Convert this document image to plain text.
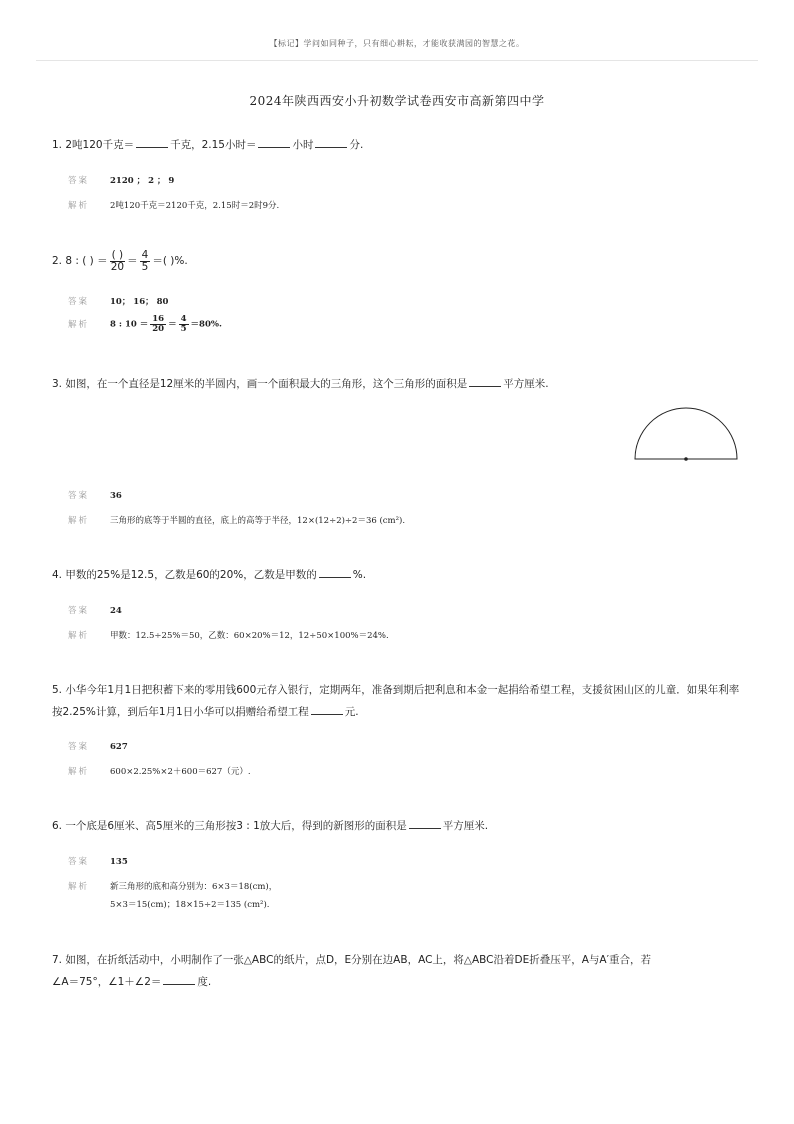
【标记】学问如同种子，只有细心耕耘，才能收获满园的智慧之花。
2024年陕西西安小升初数学试卷西安市高新第四中学
1. 2吨120千克＝	千克，2.15小时＝	小时	分.
答案 2120 ； 2 ； 9
解析 2吨120千克＝2120千克，2.15时＝2时9分.
2. 8 : ( ) ＝ $\frac{( )}{20} = \frac{4}{5}$ ＝( )%.
答案 10； 16； 80
解析 8 : $10 = \frac{16}{20} = \frac{4}{5} =80\%$.
3. 如图，在一个直径是12厘米的半圆内，画一个面积最大的三角形，这个三角形的面积是	平方厘米.
答案 36
解析 三角形的底等于半圆的直径，底上的高等于半径，12×(12÷2)÷2＝36 (cm²).
4. 甲数的25%是12.5，乙数是60的20%，乙数是甲数的	%.
答案 24
解析 甲数：12.5÷25%＝50，乙数：60×20%＝12，12÷50×100%＝24%.
5. 小华今年1月1日把积蓄下来的零用钱600元存入银行，定期两年，准备到期后把利息和本金一起捐给希望工程，支援贫困山区的儿童．如果年利率
按2.25%计算，到后年1月1日小华可以捐赠给希望工程	元.
答案 627
解析 600×2.25%×2＋600＝627（元）.
6. 一个底是6厘米、高5厘米的三角形按3 : 1放大后，得到的新图形的面积是	平方厘米.
答案 135
解析 新三角形的底和高分别为：6×3＝18(cm)，
5×3＝15(cm)；18×15÷2＝135 (cm²).
7. 如图，在折纸活动中，小明制作了一张△ABC的纸片，点D，E分别在边AB，AC上，将△ABC沿着DE折叠压平，A与A′重合，若
∠A＝75°，∠1＋∠2＝	度.
